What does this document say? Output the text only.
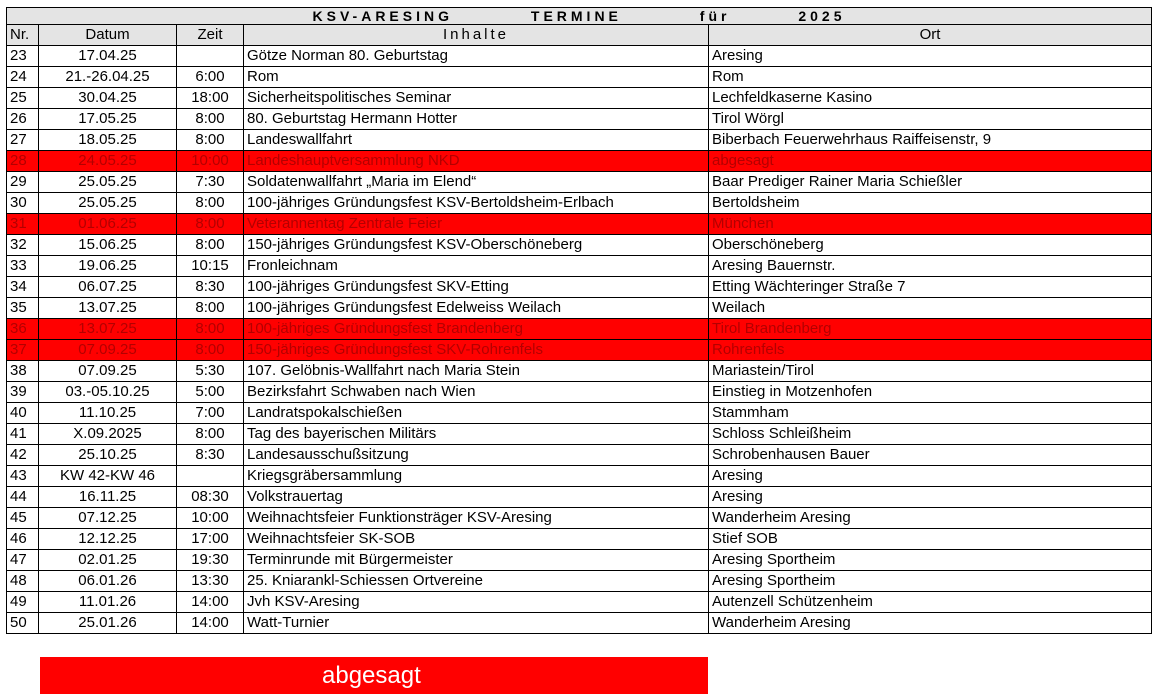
KSV-ARESING TERMINE für 2025				
Nr.	Datum	Zeit	Inhalte	Ort
23	17.04.25		Götze Norman 80. Geburtstag	Aresing
24	21.-26.04.25	6:00	Rom	Rom
25	30.04.25	18:00	Sicherheitspolitisches Seminar	Lechfeldkaserne Kasino
26	17.05.25	8:00	80. Geburtstag Hermann Hotter	Tirol Wörgl
27	18.05.25	8:00	Landeswallfahrt	Biberbach Feuerwehrhaus Raiffeisenstr, 9
28	24.05.25	10:00	Landeshauptversammlung NKD	abgesagt
29	25.05.25	7:30	Soldatenwallfahrt „Maria im Elend“	Baar Prediger Rainer Maria Schießler
30	25.05.25	8:00	100-jähriges Gründungsfest KSV-Bertoldsheim-Erlbach	Bertoldsheim
31	01.06.25	8:00	Veterannentag Zentrale Feier	München
32	15.06.25	8:00	150-jähriges Gründungsfest KSV-Oberschöneberg	Oberschöneberg
33	19.06.25	10:15	Fronleichnam	Aresing Bauernstr.
34	06.07.25	8:30	100-jähriges Gründungsfest SKV-Etting	Etting Wächteringer Straße 7
35	13.07.25	8:00	100-jähriges Gründungsfest Edelweiss Weilach	Weilach
36	13.07.25	8:00	100-jähriges Gründungsfest Brandenberg	Tirol Brandenberg
37	07.09.25	8:00	150-jähriges Gründungsfest SKV-Rohrenfels	Rohrenfels
38	07.09.25	5:30	107. Gelöbnis-Wallfahrt nach Maria Stein	Mariastein/Tirol
39	03.-05.10.25	5:00	Bezirksfahrt Schwaben nach Wien	Einstieg in Motzenhofen
40	11.10.25	7:00	Landratspokalschießen	Stammham
41	X.09.2025	8:00	Tag des bayerischen Militärs	Schloss Schleißheim
42	25.10.25	8:30	Landesausschußsitzung	Schrobenhausen Bauer
43	KW 42-KW 46		Kriegsgräbersammlung	Aresing
44	16.11.25	08:30	Volkstrauertag	Aresing
45	07.12.25	10:00	Weihnachtsfeier Funktionsträger KSV-Aresing	Wanderheim Aresing
46	12.12.25	17:00	Weihnachtsfeier SK-SOB	Stief SOB
47	02.01.25	19:30	Terminrunde mit Bürgermeister	Aresing Sportheim
48	06.01.26	13:30	25. Kniarankl-Schiessen Ortvereine	Aresing Sportheim
49	11.01.26	14:00	Jvh KSV-Aresing	Autenzell Schützenheim
50	25.01.26	14:00	Watt-Turnier	Wanderheim Aresing
abgesagt
